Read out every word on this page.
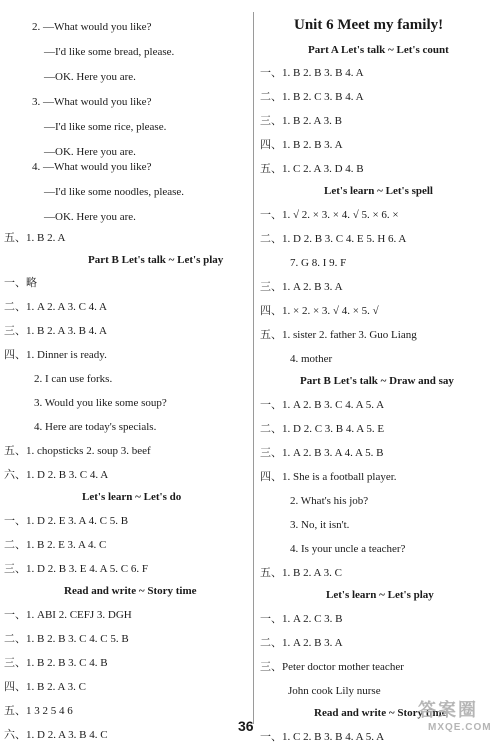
2. —What would you like?
—I'd like some bread, please.
—OK. Here you are.
3. —What would you like?
—I'd like some rice, please.
—OK. Here you are.
4. —What would you like?
—I'd like some noodles, please.
—OK. Here you are.
五、1. B 2. A
Part B Let's talk ~ Let's play
一、略
二、1. A 2. A 3. C 4. A
三、1. B 2. A 3. B 4. A
四、1. Dinner is ready.
2. I can use forks.
3. Would you like some soup?
4. Here are today's specials.
五、1. chopsticks 2. soup 3. beef
六、1. D 2. B 3. C 4. A
Let's learn ~ Let's do
一、1. D 2. E 3. A 4. C 5. B
二、1. B 2. E 3. A 4. C
三、1. D 2. B 3. E 4. A 5. C 6. F
Read and write ~ Story time
一、1. ABI 2. CEFJ 3. DGH
二、1. B 2. B 3. C 4. C 5. B
三、1. B 2. B 3. C 4. B
四、1. B 2. A 3. C
五、1 3 2 5 4 6
六、1. D 2. A 3. B 4. C
Unit 6 Meet my family!
Part A Let's talk ~ Let's count
一、1. B 2. B 3. B 4. A
二、1. B 2. C 3. B 4. A
三、1. B 2. A 3. B
四、1. B 2. B 3. A
五、1. C 2. A 3. D 4. B
Let's learn ~ Let's spell
一、1. √ 2. × 3. × 4. √ 5. × 6. ×
二、1. D 2. B 3. C 4. E 5. H 6. A
7. G 8. I 9. F
三、1. A 2. B 3. A
四、1. × 2. × 3. √ 4. × 5. √
五、1. sister 2. father 3. Guo Liang
4. mother
Part B Let's talk ~ Draw and say
一、1. A 2. B 3. C 4. A 5. A
二、1. D 2. C 3. B 4. A 5. E
三、1. A 2. B 3. A 4. A 5. B
四、1. She is a football player.
2. What's his job?
3. No, it isn't.
4. Is your uncle a teacher?
五、1. B 2. A 3. C
Let's learn ~ Let's play
一、1. A 2. C 3. B
二、1. A 2. B 3. A
三、Peter doctor mother teacher
John cook Lily nurse
Read and write ~ Story time
一、1. C 2. B 3. B 4. A 5. A
36
答案圈
MXQE.COM
